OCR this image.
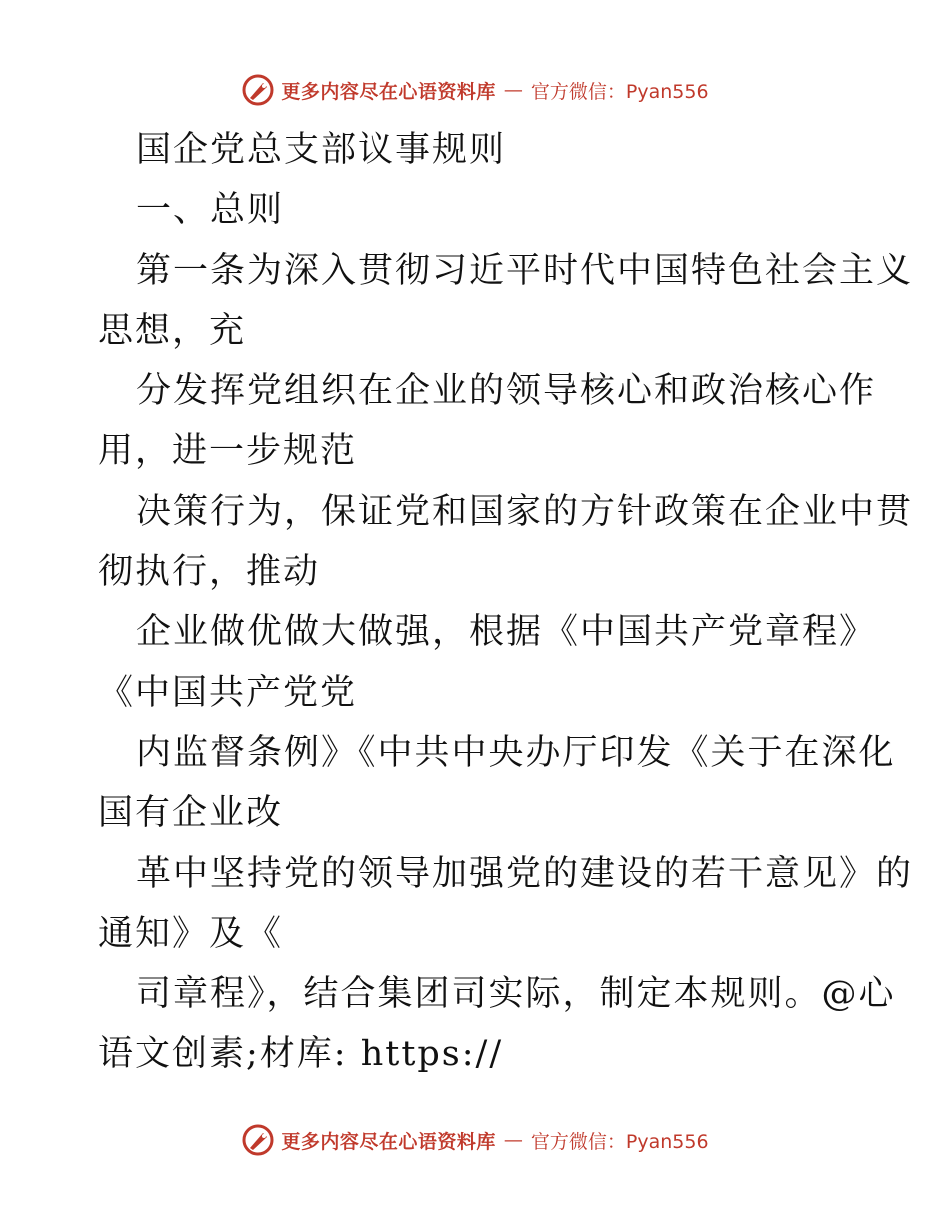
更多内容尽在心语资料库 — 官方微信：Pyan556
国企党总支部议事规则
一、总则
第一条为深入贯彻习近平时代中国特色社会主义
思想，充
分发挥党组织在企业的领导核心和政治核心作
用，进一步规范
决策行为，保证党和国家的方针政策在企业中贯
彻执行，推动
企业做优做大做强，根据《中国共产党章程》
《中国共产党党
内监督条例》《中共中央办厅印发《关于在深化
国有企业改
革中坚持党的领导加强党的建设的若干意见》的
通知》及《
司章程》，结合集团司实际，制定本规则。@心
语文创素;材库: https://
更多内容尽在心语资料库 — 官方微信：Pyan556
